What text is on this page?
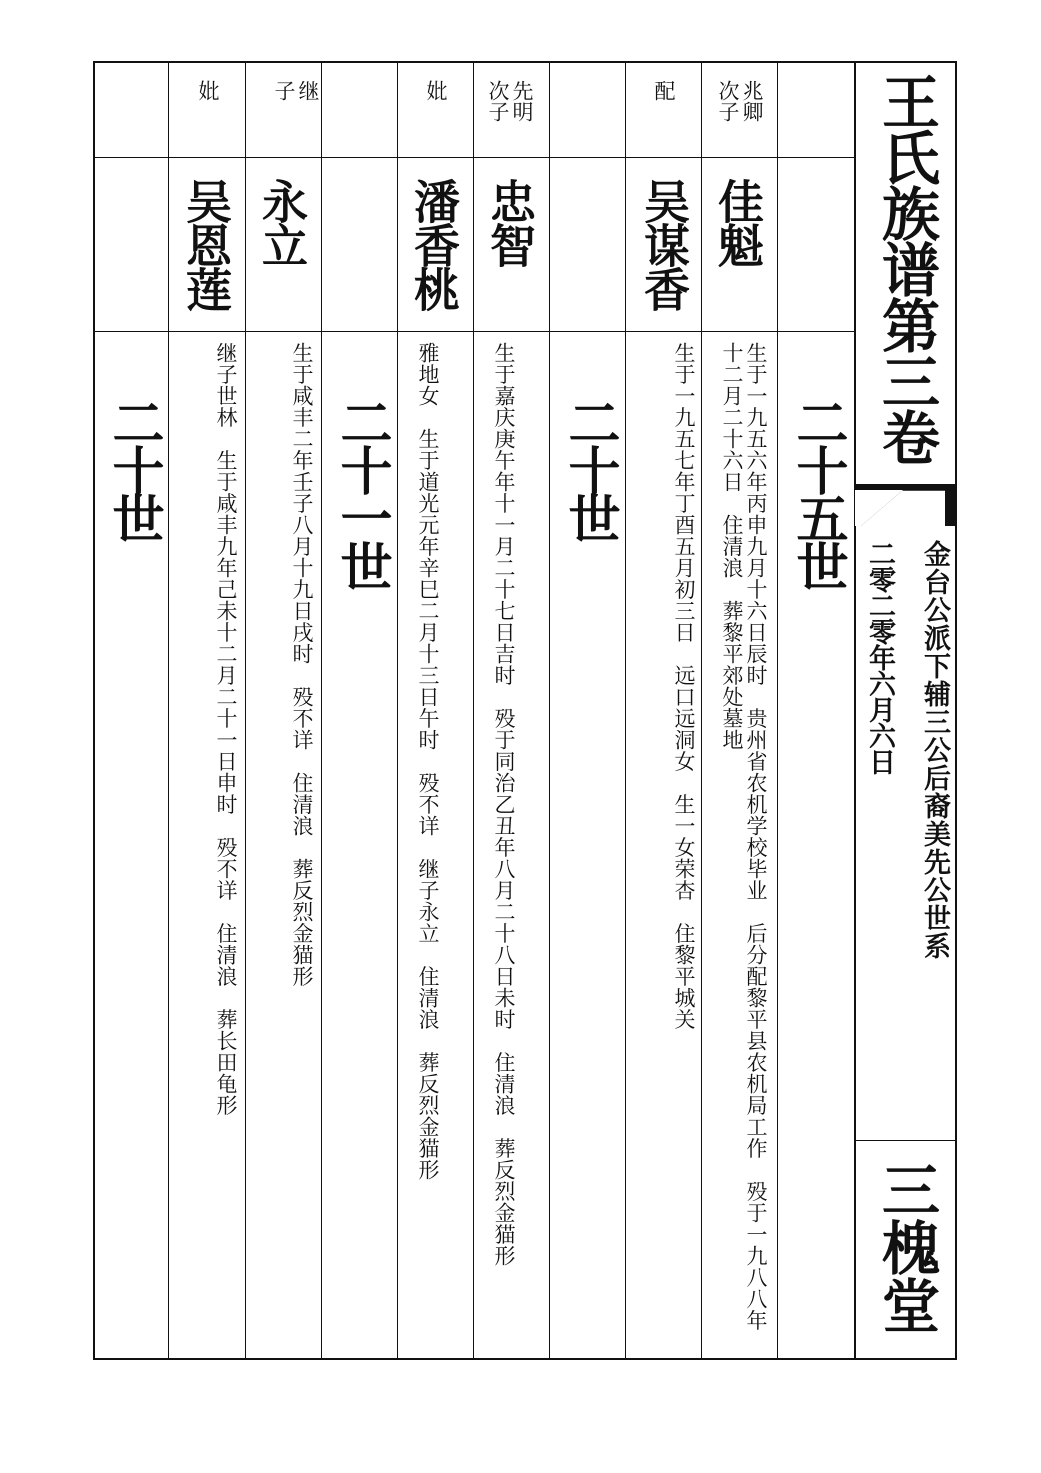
王氏族谱第三卷
金台公派下辅三公后裔美先公世系
二零二零年六月六日
三槐堂
兆卿
次子
佳魁
生于一九五六年丙申九月十六日辰时　贵州省农机学校毕业　后分配黎平县农机局工作　殁于一九八八年十二月二十六日　住清浪　葬黎平郊处墓地
配
吴谋香
生于一九五七年丁酉五月初三日　远口远洞女　生一女荣杏　住黎平城关 二十五世
二十世
先明
次子
忠智
生于嘉庆庚午年十一月二十七日吉时　殁于同治乙丑年八月二十八日未时　住清浪　葬反烈金猫形
妣
潘香桃
雅地女　生于道光元年辛巳二月十三日午时　殁不详　继子永立　住清浪　葬反烈金猫形
二十一世
继
子
永立
生于咸丰二年壬子八月十九日戌时　殁不详　住清浪　葬反烈金猫形
妣
吴恩莲
继子世林　生于咸丰九年己未十二月二十一日申时　殁不详　住清浪　葬长田龟形
二十世
